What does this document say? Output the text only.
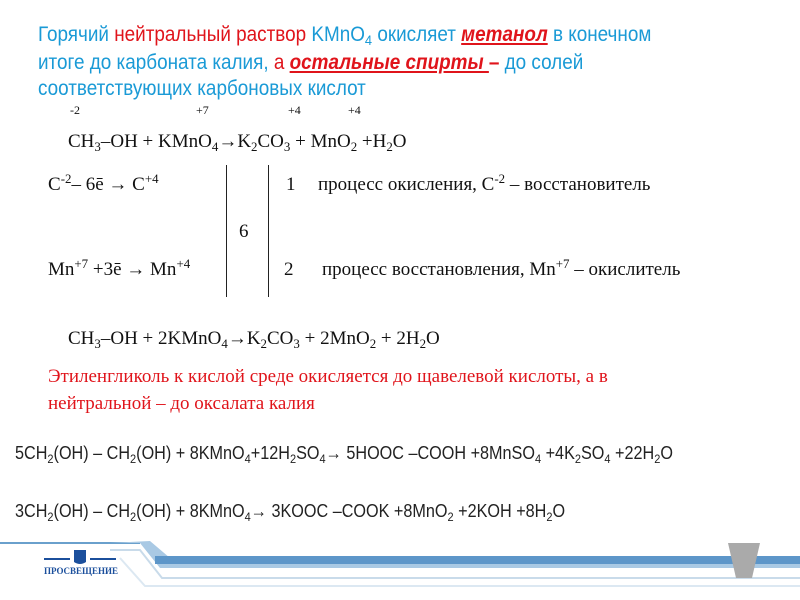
Горячий нейтральный раствор KMnO$_4$ окисляет метанол в конечном
итоге до карбоната калия, а остальные спирты – до солей
соответствующих карбоновых кислот
-2	+7	+4	+4
$CH_3-OH$ + $KMnO_4\to K_2CO_3 + MnO_2 +H_2O$
$C^{-2}-$ 6ē → $C^{+4}$	1 процесс окисления, $С^{-2}$ – восстановитель
6
$Mn^{+7}$ +3ē → $Mn^{+4}$	2 процесс восстановления, $Mn^{+7}$ – окислитель
$CH_3-OH$ + $2KMnO_4\to K_2CO_3 + 2MnO_2 + 2H_2O$
Этиленгликоль к кислой среде окисляется до щавелевой кислоты, а в
нейтральной – до оксалата калия
$5CH_2(OH) - CH_2(OH)$ + $8KMnO_4+12H_2SO_4\to$ 5HOOC –COOH +8MnSO$_4$ $+4K_2SO_4 +22H_2O$
$3CH_2(OH) - CH_2(OH)$ + 8KMnO$_4$→ 3KOOC –COOK $+8MnO_2 +2KOH +8H_2O$
ПРОСВЕЩЕНИЕ
